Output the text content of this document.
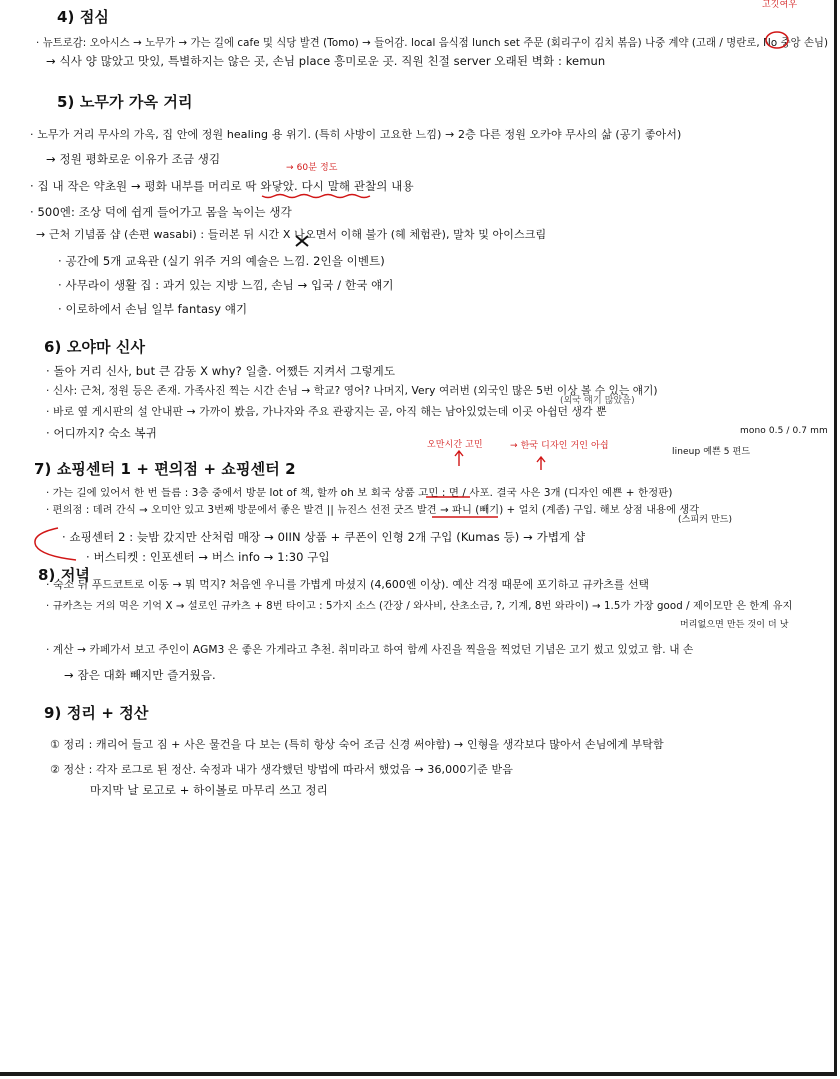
4) 점심
· 뉴트로감: 오아시스 → 노무가 → 가는 길에 cafe 및 식당 발견 (Tomo) → 들어감. local 음식점 lunch set 주문 (회리구이 김치 볶음) 나중 계약 (고래 / 명란로, No 중앙 손님)
→ 식사 양 많았고 맛있, 특별하지는 않은 곳, 손님 place 흥미로운 곳. 직원 친절 server 오래된 벽화 : kemun
5) 노무가 가옥 거리
· 노무가 거리 무사의 가옥, 집 안에 정원 healing 용 위기. (특히 사방이 고요한 느낌) → 2층 다른 정원 오카야 무사의 삶 (공기 좋아서)
→ 정원 평화로운 이유가 조금 생김
· 집 내 작은 약초원 → 평화 내부를 머리로 딱 와닿았. 다시 말해 관찰의 내용
· 500엔: 조상 덕에 쉽게 들어가고 몸을 녹이는 생각
→ 근처 기념품 샵 (손편 wasabi) : 들러본 뒤 시간 X 나오면서 이해 불가 (헤 체험관), 말차 및 아이스크림
· 공간에 5개 교육관 (실기 위주 거의 예술은 느낌. 2인을 이벤트)
· 사무라이 생활 집 : 과거 있는 지방 느낌, 손님 → 입국 / 한국 얘기
· 이로하에서 손님 일부 fantasy 얘기
6) 오야마 신사
· 돌아 거리 신사, but 큰 감동 X why? 일출. 어쨌든 지켜서 그렇게도
· 신사: 근처, 정원 등은 존재. 가족사진 찍는 시간 손님 → 학교? 영어? 나머지, Very 여러번 (외국인 많은 5번 이상 볼 수 있는 얘기)
· 바로 옆 게시판의 설 안내판 → 가까이 봤음, 가나자와 주요 관광지는 곧, 아직 해는 남아있었는데 이곳 아쉽던 생각 뿐
· 어디까지? 숙소 복귀
오만시간 고민	→ 한국 디자인 거인 아쉽
lineup 예쁜 5 편드
mono 0.5 / 0.7 mm
7) 쇼핑센터 1 + 편의점 + 쇼핑센터 2
· 가는 길에 있어서 한 번 들름 : 3층 중에서 방문 lot of 책, 할까 oh 보 회국 상품 고민 : 면 / 사포. 결국 사은 3개 (디자인 예쁜 + 한정판)
· 편의점 : 데려 간식 → 오미안 있고 3번째 방문에서 좋은 발견 || 뉴진스 선전 굿즈 발견 → 파니 (빼기) + 얼치 (계좀) 구입. 해보 상점 내용에 생각
(스피커 만드)
· 쇼핑센터 2 : 늦밤 갔지만 산처럼 매장 → 0IIN 상품 + 쿠폰이 인형 2개 구입 (Kumas 등) → 가볍게 샵
· 버스티켓 : 인포센터 → 버스 info → 1:30 구입
8) 저녁
· 숙소 뒤 푸드코트로 이동 → 뭐 먹지? 처음엔 우니를 가볍게 마셨지 (4,600엔 이상). 예산 걱정 때문에 포기하고 규카츠를 선택
· 규카츠는 거의 먹은 기억 X → 설로인 규카츠 + 8번 타이고 : 5가지 소스 (간장 / 와사비, 산초소금, ?, 기계, 8번 와라이) → 1.5가 가장 good / 제이모만 은 한계 유지
머리없으면 만든 것이 더 낫
· 계산 → 카페가서 보고 주인이 AGM3 은 좋은 가게라고 추천. 취미라고 하여 함께 사진을 찍을을 찍었던 기념은 고기 썼고 있었고 함. 내 손
→ 잠은 대화 빼지만 즐거웠음.
9) 정리 + 정산
① 정리 : 캐리어 들고 짐 + 사은 물건을 다 보는 (특히 항상 숙어 조금 신경 써야함) → 인형을 생각보다 많아서 손님에게 부탁함
② 정산 : 각자 로그로 된 정산. 숙정과 내가 생각했던 방법에 따라서 했었음 → 36,000기준 받음
마지막 날 로고로 + 하이볼로 마무리 쓰고 정리
고깃여우
→ 60분 정도
(외국 얘기 많았음)
